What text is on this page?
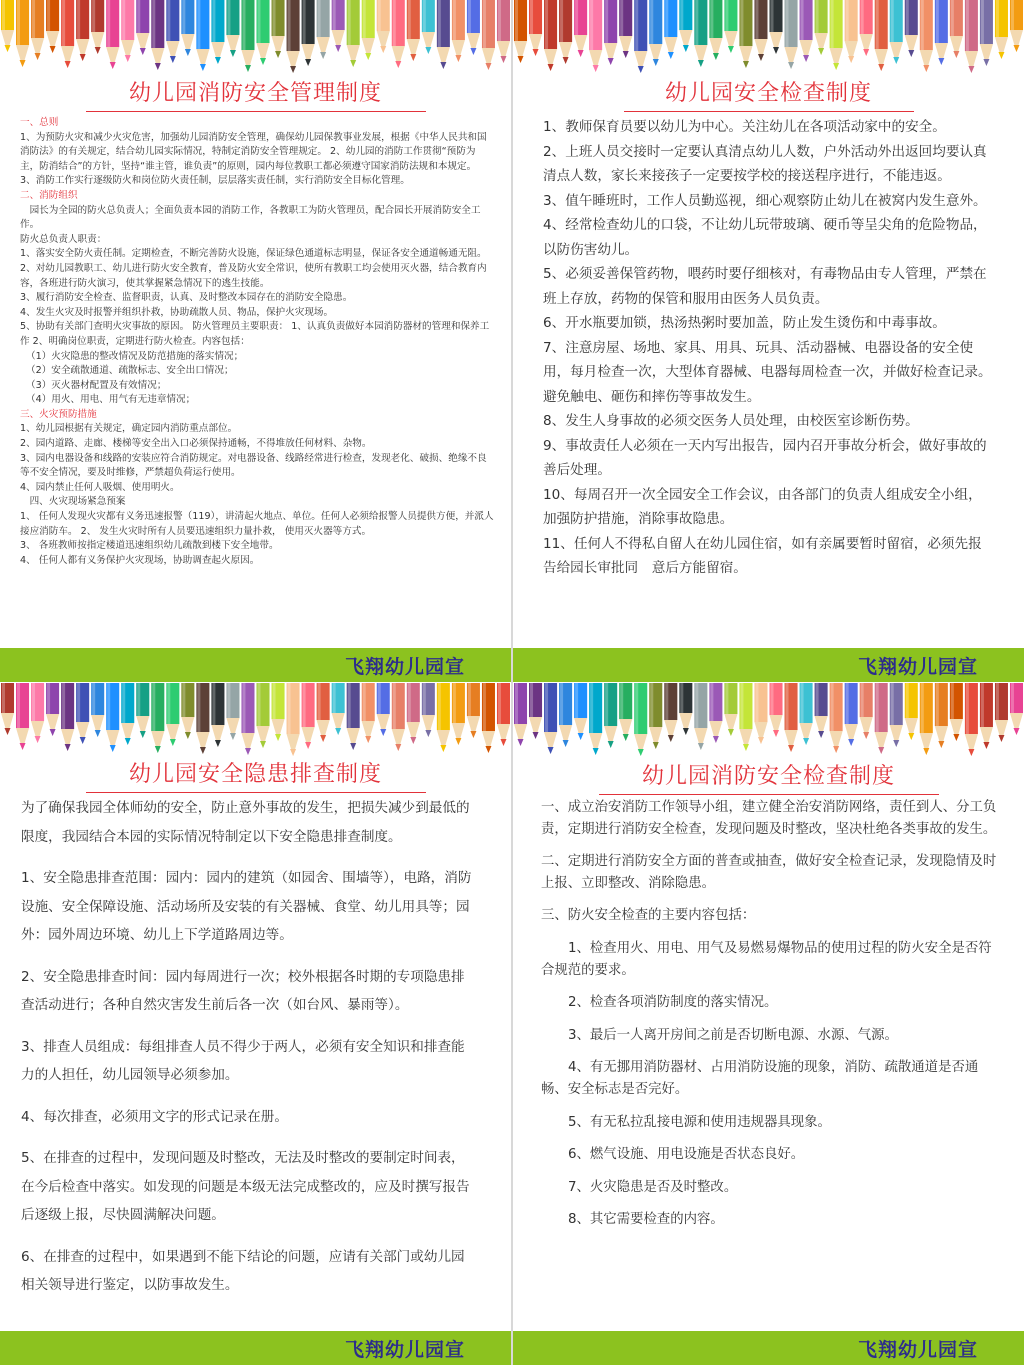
幼儿园消防安全管理制度

一、总则

1、为预防火灾和减少火灾危害，加强幼儿园消防安全管理，确保幼儿园保教事业发展，根据《中华人民共和国消防法》的有关规定，结合幼儿园实际情况，特制定消防安全管理规定。 2、幼儿园的消防工作贯彻“预防为主，防消结合”的方针，坚持“谁主管，谁负责”的原则，园内每位教职工都必须遵守国家消防法规和本规定。

3、消防工作实行逐级防火和岗位防火责任制，层层落实责任制，实行消防安全目标化管理。

二、消防组织

　园长为全园的防火总负责人；全面负责本园的消防工作，各教职工为防火管理员，配合园长开展消防安全工作。

防火总负责人职责：

1、落实安全防火责任制。定期检查，不断完善防火设施，保证绿色通道标志明显，保证各安全通道畅通无阻。

2、对幼儿园教职工、幼儿进行防火安全教育，普及防火安全常识，使所有教职工均会使用灭火器，结合教育内容，各班进行防火演习，使其掌握紧急情况下的逃生技能。

3、履行消防安全检查、监督职责，认真、及时整改本园存在的消防安全隐患。

4、发生火灾及时报警并组织扑救，协助疏散人员、物品，保护火灾现场。

5、协助有关部门查明火灾事故的原因。 防火管理员主要职责： 1、认真负责做好本园消防器材的管理和保养工作 2、明确岗位职责，定期进行防火检查。内容包括：

（1）火灾隐患的整改情况及防范措施的落实情况；

（2）安全疏散通道、疏散标志、安全出口情况；

（3）灭火器材配置及有效情况；

（4）用火、用电、用气有无违章情况；

三、火灾预防措施

1、幼儿园根据有关规定，确定园内消防重点部位。

2、园内道路、走廊、楼梯等安全出入口必须保持通畅，不得堆放任何材料、杂物。

3、园内电器设备和线路的安装应符合消防规定。对电器设备、线路经常进行检查，发现老化、破损、绝缘不良等不安全情况，要及时维修，严禁超负荷运行使用。

4、园内禁止任何人吸烟、使用明火。

　四、火灾现场紧急预案

1、 任何人发现火灾都有义务迅速报警（119），讲清起火地点、单位。任何人必须给报警人员提供方便，并派人接应消防车。 2、 发生火灾时所有人员要迅速组织力量扑救， 使用灭火器等方式。

3、 各班教师按指定楼道迅速组织幼儿疏散到楼下安全地带。

4、 任何人都有义务保护火灾现场，协助调查起火原因。

飞翔幼儿园宣
幼儿园安全检查制度

1、教师保育员要以幼儿为中心。关注幼儿在各项活动家中的安全。

2、上班人员交接时一定要认真清点幼儿人数，户外活动外出返回均要认真清点人数，家长来接孩子一定要按学校的接送程序进行，不能违返。

3、值午睡班时，工作人员勤巡视，细心观察防止幼儿在被窝内发生意外。

4、经常检查幼儿的口袋，不让幼儿玩带玻璃、硬币等呈尖角的危险物品，以防伤害幼儿。

5、必须妥善保管药物，喂药时要仔细核对，有毒物品由专人管理，严禁在班上存放，药物的保管和服用由医务人员负责。

6、开水瓶要加锁，热汤热粥时要加盖，防止发生烫伤和中毒事故。

7、注意房屋、场地、家具、用具、玩具、活动器械、电器设备的安全使用，每月检查一次，大型体育器械、电器每周检查一次，并做好检查记录。避免触电、砸伤和摔伤等事故发生。

8、发生人身事故的必须交医务人员处理，由校医室诊断伤势。

9、事故责任人必须在一天内写出报告，园内召开事故分析会，做好事故的善后处理。

10、每周召开一次全园安全工作会议，由各部门的负责人组成安全小组，加强防护措施，消除事故隐患。

11、任何人不得私自留人在幼儿园住宿，如有亲属要暂时留宿，必须先报告给园长审批同　意后方能留宿。

飞翔幼儿园宣
幼儿园安全隐患排查制度

为了确保我园全体师幼的安全，防止意外事故的发生，把损失减少到最低的限度，我园结合本园的实际情况特制定以下安全隐患排查制度。

1、安全隐患排查范围：园内：园内的建筑（如园舍、围墙等），电路，消防设施、安全保障设施、活动场所及安装的有关器械、食堂、幼儿用具等；园外：园外周边环境、幼儿上下学道路周边等。

2、安全隐患排查时间：园内每周进行一次；校外根据各时期的专项隐患排查活动进行；各种自然灾害发生前后各一次（如台风、暴雨等）。

3、排查人员组成：每组排查人员不得少于两人，必须有安全知识和排查能力的人担任，幼儿园领导必须参加。

4、每次排查，必须用文字的形式记录在册。

5、在排查的过程中，发现问题及时整改，无法及时整改的要制定时间表，在今后检查中落实。如发现的问题是本级无法完成整改的，应及时撰写报告后逐级上报，尽快圆满解决问题。

6、在排查的过程中，如果遇到不能下结论的问题，应请有关部门或幼儿园相关领导进行鉴定，以防事故发生。

飞翔幼儿园宣
幼儿园消防安全检查制度

一、成立治安消防工作领导小组，建立健全治安消防网络，责任到人、分工负责，定期进行消防安全检查，发现问题及时整改，坚决杜绝各类事故的发生。

二、定期进行消防安全方面的普查或抽查，做好安全检查记录，发现隐情及时上报、立即整改、消除隐患。

三、防火安全检查的主要内容包括：

1、检查用火、用电、用气及易燃易爆物品的使用过程的防火安全是否符合规范的要求。

2、检查各项消防制度的落实情况。

3、最后一人离开房间之前是否切断电源、水源、气源。

4、有无挪用消防器材、占用消防设施的现象，消防、疏散通道是否通畅、安全标志是否完好。

5、有无私拉乱接电源和使用违规器具现象。

6、燃气设施、用电设施是否状态良好。

7、火灾隐患是否及时整改。

8、其它需要检查的内容。

飞翔幼儿园宣
